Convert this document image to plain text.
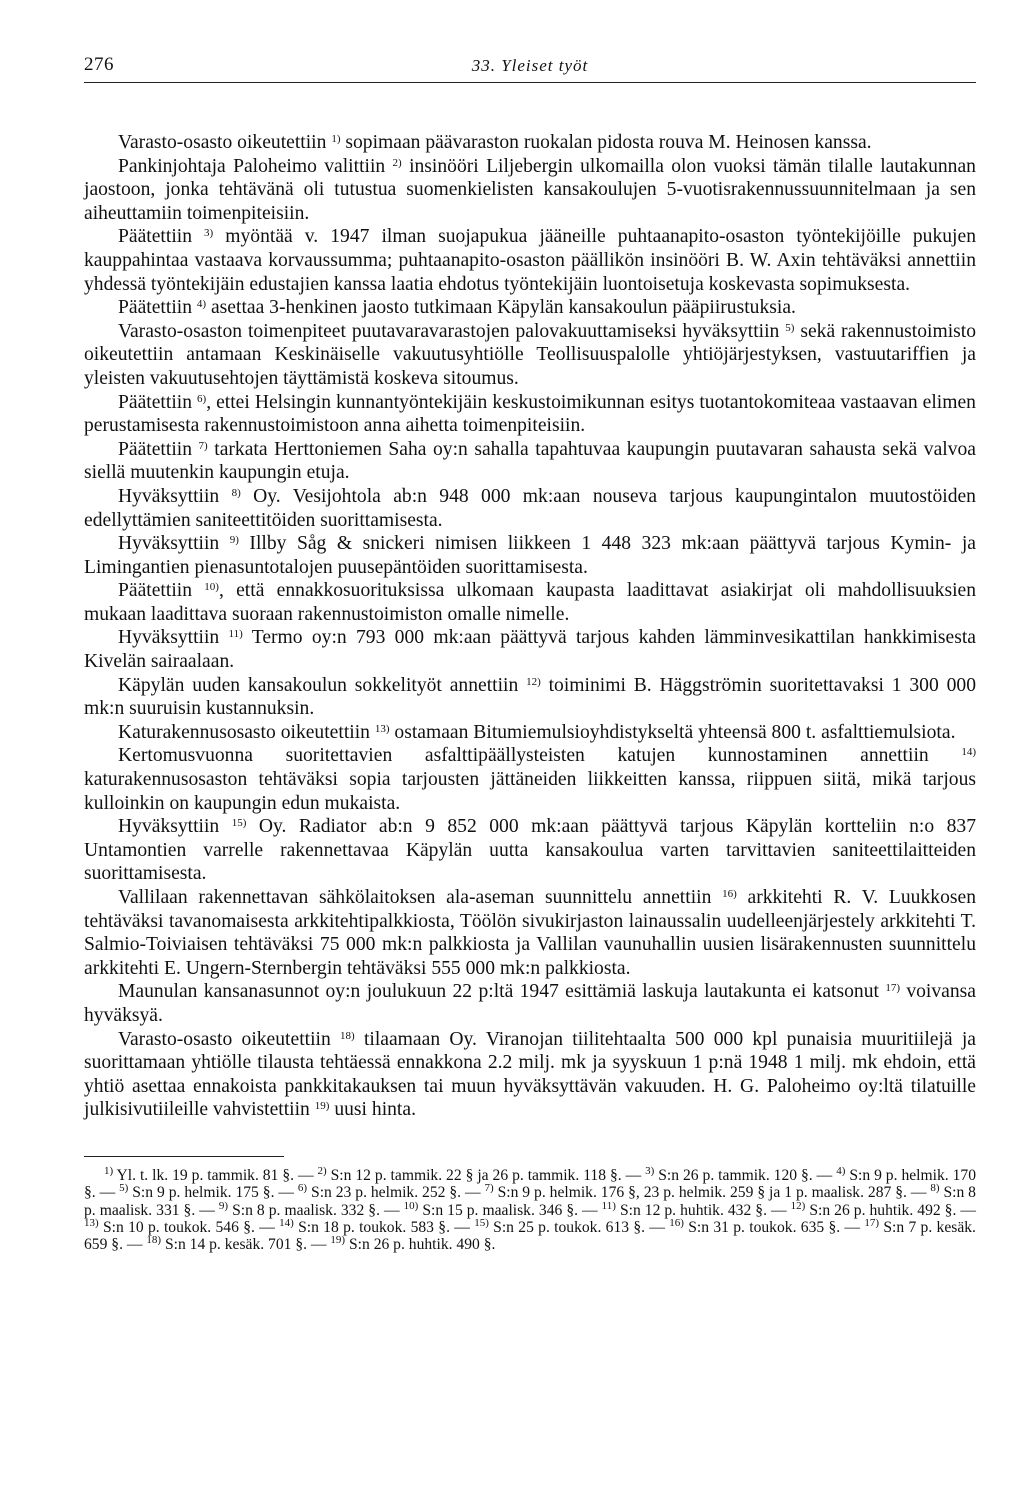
276	33. Yleiset työt

Varasto-osasto oikeutettiin $^{1)}$ sopimaan päävaraston ruokalan pidosta rouva M. Heinosen kanssa.

Pankinjohtaja Paloheimo valittiin $^{2)}$ insinööri Liljebergin ulkomailla olon vuoksi tämän tilalle lautakunnan jaostoon, jonka tehtävänä oli tutustua suomenkielisten kansakoulujen 5-vuotisrakennussuunnitelmaan ja sen aiheuttamiin toimenpiteisiin.

Päätettiin $^{3)}$ myöntää v. 1947 ilman suojapukua jääneille puhtaanapito-osaston työntekijöille pukujen kauppahintaa vastaava korvaussumma; puhtaanapito-osaston päällikön insinööri B. W. Axin tehtäväksi annettiin yhdessä työntekijäin edustajien kanssa laatia ehdotus työntekijäin luontoisetuja koskevasta sopimuksesta.

Päätettiin $^{4)}$ asettaa 3-henkinen jaosto tutkimaan Käpylän kansakoulun pääpiirustuksia.

Varasto-osaston toimenpiteet puutavaravarastojen palovakuuttamiseksi hyväksyttiin $^{5)}$ sekä rakennustoimisto oikeutettiin antamaan Keskinäiselle vakuutusyhtiölle Teollisuuspalolle yhtiöjärjestyksen, vastuutariffien ja yleisten vakuutusehtojen täyttämistä koskeva sitoumus.

Päätettiin $^{6)}$, ettei Helsingin kunnantyöntekijäin keskustoimikunnan esitys tuotantokomiteaa vastaavan elimen perustamisesta rakennustoimistoon anna aihetta toimenpiteisiin.

Päätettiin $^{7)}$ tarkata Herttoniemen Saha oy:n sahalla tapahtuvaa kaupungin puutavaran sahausta sekä valvoa siellä muutenkin kaupungin etuja.

Hyväksyttiin $^{8)}$ Oy. Vesijohtola ab:n 948 000 mk:aan nouseva tarjous kaupungintalon muutostöiden edellyttämien saniteettitöiden suorittamisesta.

Hyväksyttiin $^{9)}$ Illby Såg & snickeri nimisen liikkeen 1 448 323 mk:aan päättyvä tarjous Kymin- ja Limingantien pienasuntotalojen puusepäntöiden suorittamisesta.

Päätettiin $^{10)}$, että ennakkosuorituksissa ulkomaan kaupasta laadittavat asiakirjat oli mahdollisuuksien mukaan laadittava suoraan rakennustoimiston omalle nimelle.

Hyväksyttiin $^{11)}$ Termo oy:n 793 000 mk:aan päättyvä tarjous kahden lämminvesikattilan hankkimisesta Kivelän sairaalaan.

Käpylän uuden kansakoulun sokkelityöt annettiin $^{12)}$ toiminimi B. Häggströmin suoritettavaksi 1 300 000 mk:n suuruisin kustannuksin.

Katurakennusosasto oikeutettiin $^{13)}$ ostamaan Bitumiemulsioyhdistykseltä yhteensä 800 t. asfalttiemulsiota.

Kertomusvuonna suoritettavien asfalttipäällysteisten katujen kunnostaminen annettiin $^{14)}$ katurakennusosaston tehtäväksi sopia tarjousten jättäneiden liikkeitten kanssa, riippuen siitä, mikä tarjous kulloinkin on kaupungin edun mukaista.

Hyväksyttiin $^{15)}$ Oy. Radiator ab:n 9 852 000 mk:aan päättyvä tarjous Käpylän kortteliin n:o 837 Untamontien varrelle rakennettavaa Käpylän uutta kansakoulua varten tarvittavien saniteettilaitteiden suorittamisesta.

Vallilaan rakennettavan sähkölaitoksen ala-aseman suunnittelu annettiin $^{16)}$ arkkitehti R. V. Luukkosen tehtäväksi tavanomaisesta arkkitehtipalkkiosta, Töölön sivukirjaston lainaussalin uudelleenjärjestely arkkitehti T. Salmio-Toiviaisen tehtäväksi 75 000 mk:n palkkiosta ja Vallilan vaunuhallin uusien lisärakennusten suunnittelu arkkitehti E. Ungern-Sternbergin tehtäväksi 555 000 mk:n palkkiosta.

Maunulan kansanasunnot oy:n joulukuun 22 p:ltä 1947 esittämiä laskuja lautakunta ei katsonut $^{17)}$ voivansa hyväksyä.

Varasto-osasto oikeutettiin $^{18)}$ tilaamaan Oy. Viranojan tiilitehtaalta 500 000 kpl punaisia muuritiilejä ja suorittamaan yhtiölle tilausta tehtäessä ennakkona 2.2 milj. mk ja syyskuun 1 p:nä 1948 1 milj. mk ehdoin, että yhtiö asettaa ennakoista pankkitakauksen tai muun hyväksyttävän vakuuden. H. G. Paloheimo oy:ltä tilatuille julkisivutiileille vahvistettiin $^{19)}$ uusi hinta.

$^{1)}$ Yl. t. lk. 19 p. tammik. 81 §. — $^{2)}$ S:n 12 p. tammik. 22 § ja 26 p. tammik. 118 §. — $^{3)}$ S:n 26 p. tammik. 120 §. — $^{4)}$ S:n 9 p. helmik. 170 §. — $^{5)}$ S:n 9 p. helmik. 175 §. — $^{6)}$ S:n 23 p. helmik. 252 §. — $^{7)}$ S:n 9 p. helmik. 176 §, 23 p. helmik. 259 § ja 1 p. maalisk. 287 §. — $^{8)}$ S:n 8 p. maalisk. 331 §. — $^{9)}$ S:n 8 p. maalisk. 332 §. — $^{10)}$ S:n 15 p. maalisk. 346 §. — $^{11)}$ S:n 12 p. huhtik. 432 §. — $^{12)}$ S:n 26 p. huhtik. 492 §. — $^{13)}$ S:n 10 p. toukok. 546 §. — $^{14)}$ S:n 18 p. toukok. 583 §. — $^{15)}$ S:n 25 p. toukok. 613 §. — $^{16)}$ S:n 31 p. toukok. 635 §. — $^{17)}$ S:n 7 p. kesäk. 659 §. — $^{18)}$ S:n 14 p. kesäk. 701 §. — $^{19)}$ S:n 26 p. huhtik. 490 §.
